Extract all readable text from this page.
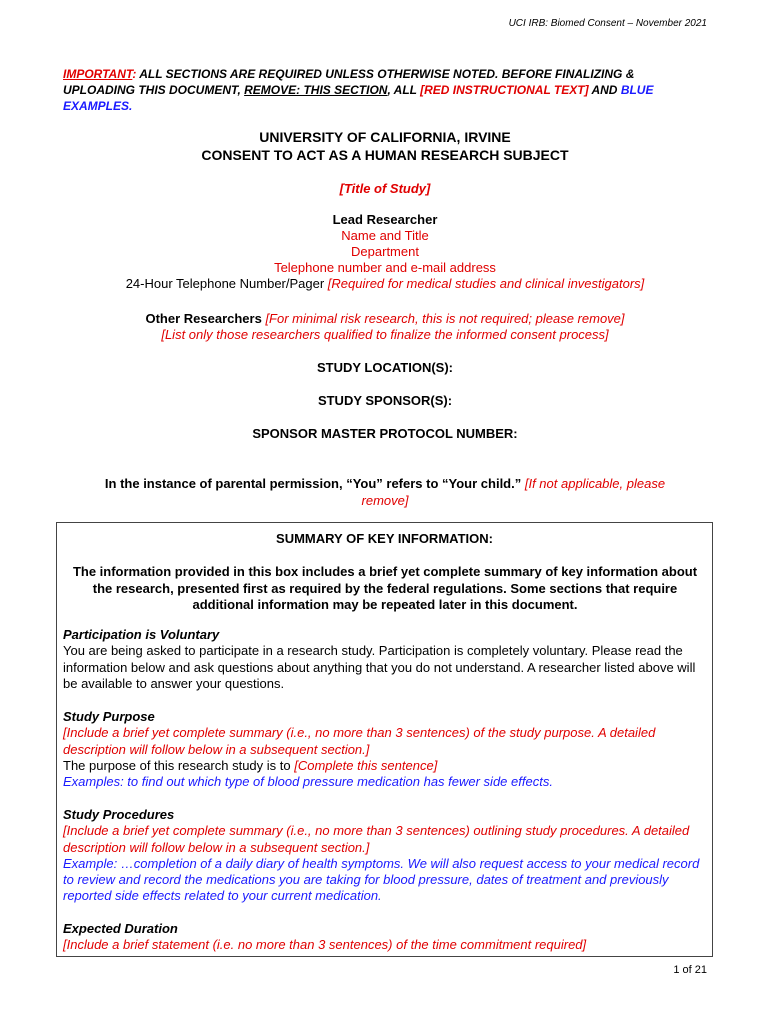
UCI IRB: Biomed Consent – November 2021
IMPORTANT: ALL SECTIONS ARE REQUIRED UNLESS OTHERWISE NOTED. BEFORE FINALIZING & UPLOADING THIS DOCUMENT, REMOVE: THIS SECTION, ALL [RED INSTRUCTIONAL TEXT] AND BLUE EXAMPLES.
UNIVERSITY OF CALIFORNIA, IRVINE
CONSENT TO ACT AS A HUMAN RESEARCH SUBJECT
[Title of Study]
Lead Researcher
Name and Title
Department
Telephone number and e-mail address
24-Hour Telephone Number/Pager [Required for medical studies and clinical investigators]
Other Researchers [For minimal risk research, this is not required; please remove]
[List only those researchers qualified to finalize the informed consent process]
STUDY LOCATION(S):
STUDY SPONSOR(S):
SPONSOR MASTER PROTOCOL NUMBER:
In the instance of parental permission, “You” refers to “Your child.” [If not applicable, please remove]
SUMMARY OF KEY INFORMATION:
The information provided in this box includes a brief yet complete summary of key information about the research, presented first as required by the federal regulations. Some sections that require additional information may be repeated later in this document.
Participation is Voluntary
You are being asked to participate in a research study. Participation is completely voluntary. Please read the information below and ask questions about anything that you do not understand. A researcher listed above will be available to answer your questions.
Study Purpose
[Include a brief yet complete summary (i.e., no more than 3 sentences) of the study purpose. A detailed description will follow below in a subsequent section.]
The purpose of this research study is to [Complete this sentence]
Examples: to find out which type of blood pressure medication has fewer side effects.
Study Procedures
[Include a brief yet complete summary (i.e., no more than 3 sentences) outlining study procedures. A detailed description will follow below in a subsequent section.]
Example: …completion of a daily diary of health symptoms. We will also request access to your medical record to review and record the medications you are taking for blood pressure, dates of treatment and previously reported side effects related to your current medication.
Expected Duration
[Include a brief statement (i.e. no more than 3 sentences) of the time commitment required]
1 of 21
